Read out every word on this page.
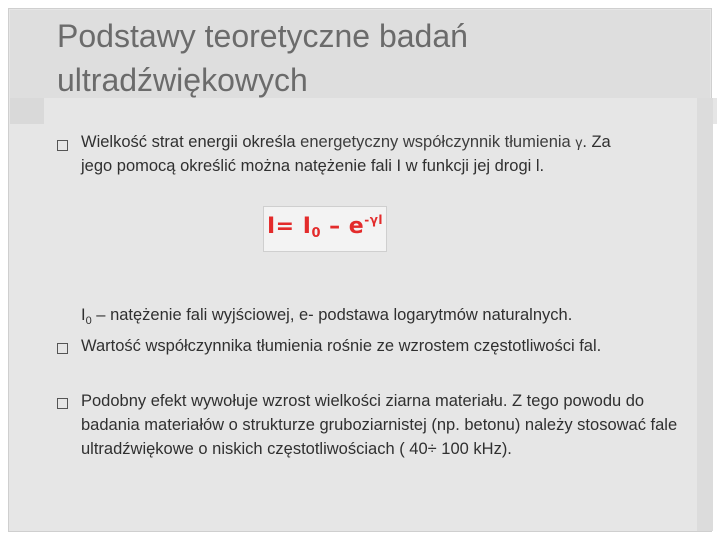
Podstawy teoretyczne badań ultradźwiękowych
Wielkość strat energii określa energetyczny współczynnik tłumienia γ. Za jego pomocą określić można natężenie fali I w funkcji jej drogi l.
$I= I_0 - e^{-\gamma l}$
$I_0$ – natężenie fali wyjściowej, e- podstawa logarytmów naturalnych.
Wartość współczynnika tłumienia rośnie ze wzrostem częstotliwości fal.
Podobny efekt wywołuje wzrost wielkości ziarna materiału. Z tego powodu do badania materiałów o strukturze gruboziarnistej (np. betonu) należy stosować fale ultradźwiękowe o niskich częstotliwościach ( 40÷ 100 kHz).
